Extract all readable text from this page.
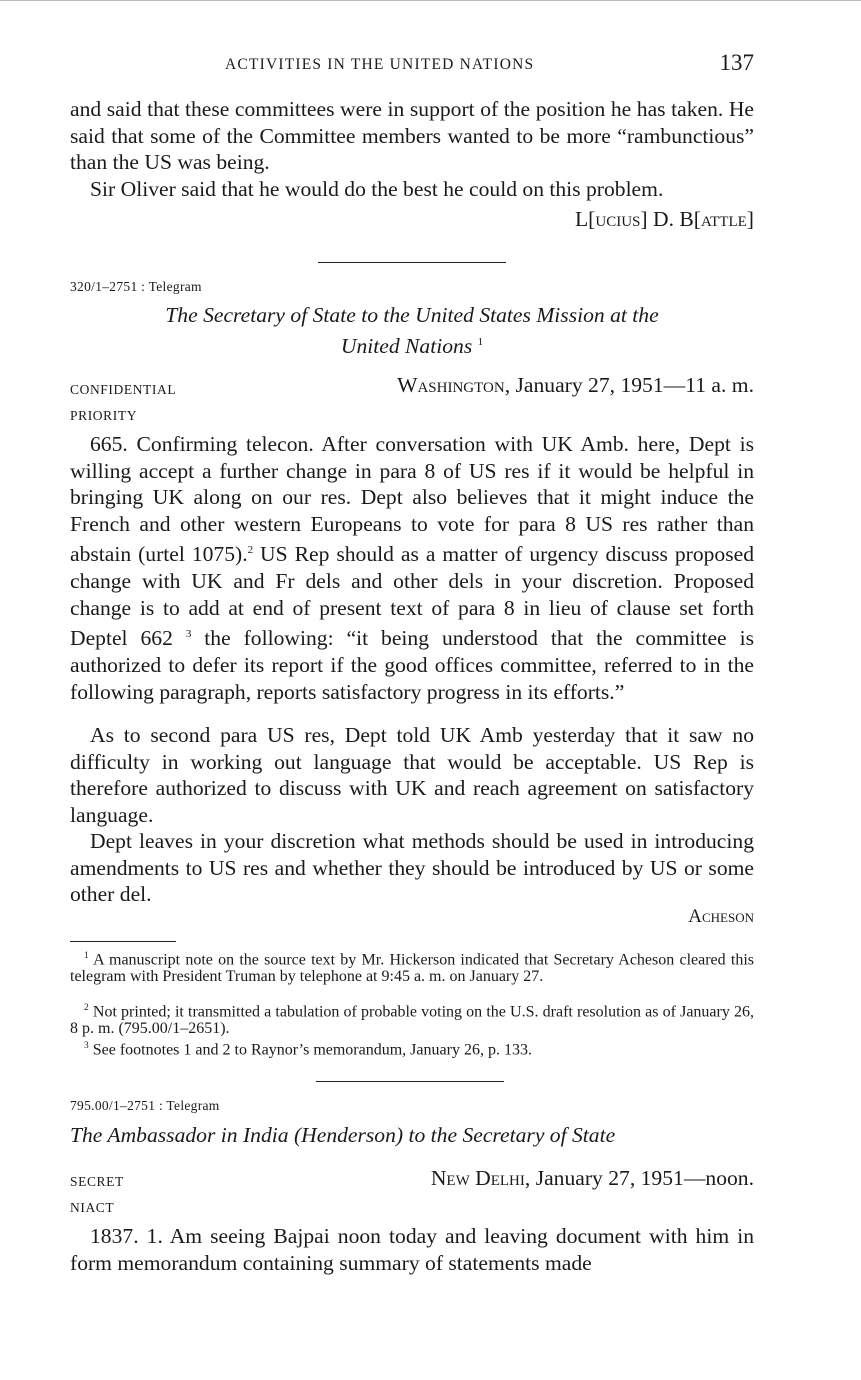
ACTIVITIES IN THE UNITED NATIONS	137

and said that these committees were in support of the position he has taken. He said that some of the Committee members wanted to be more “rambunctious” than the US was being.

Sir Oliver said that he would do the best he could on this problem.

L[ucius] D. B[attle]
320/1–2751 : Telegram

The Secretary of State to the United States Mission at the
United Nations $^1$

CONFIDENTIAL	Washington, January 27, 1951—11 a. m.
PRIORITY

665. Confirming telecon. After conversation with UK Amb. here, Dept is willing accept a further change in para 8 of US res if it would be helpful in bringing UK along on our res. Dept also believes that it might induce the French and other western Europeans to vote for para 8 US res rather than abstain (urtel 1075).$^2$ US Rep should as a matter of urgency discuss proposed change with UK and Fr dels and other dels in your discretion. Proposed change is to add at end of present text of para 8 in lieu of clause set forth Deptel 662 $^3$ the following: “it being understood that the committee is authorized to defer its report if the good offices committee, referred to in the following paragraph, reports satisfactory progress in its efforts.”

As to second para US res, Dept told UK Amb yesterday that it saw no difficulty in working out language that would be acceptable. US Rep is therefore authorized to discuss with UK and reach agreement on satisfactory language.

Dept leaves in your discretion what methods should be used in introducing amendments to US res and whether they should be introduced by US or some other del.

Acheson

$^1$ A manuscript note on the source text by Mr. Hickerson indicated that Secretary Acheson cleared this telegram with President Truman by telephone at 9:45 a. m. on January 27.

$^2$ Not printed; it transmitted a tabulation of probable voting on the U.S. draft resolution as of January 26, 8 p. m. (795.00/1–2651).

$^3$ See footnotes 1 and 2 to Raynor’s memorandum, January 26, p. 133.

795.00/1–2751 : Telegram

The Ambassador in India (Henderson) to the Secretary of State

SECRET	New Delhi, January 27, 1951—noon.
NIACT

1837. 1. Am seeing Bajpai noon today and leaving document with him in form memorandum containing summary of statements made
